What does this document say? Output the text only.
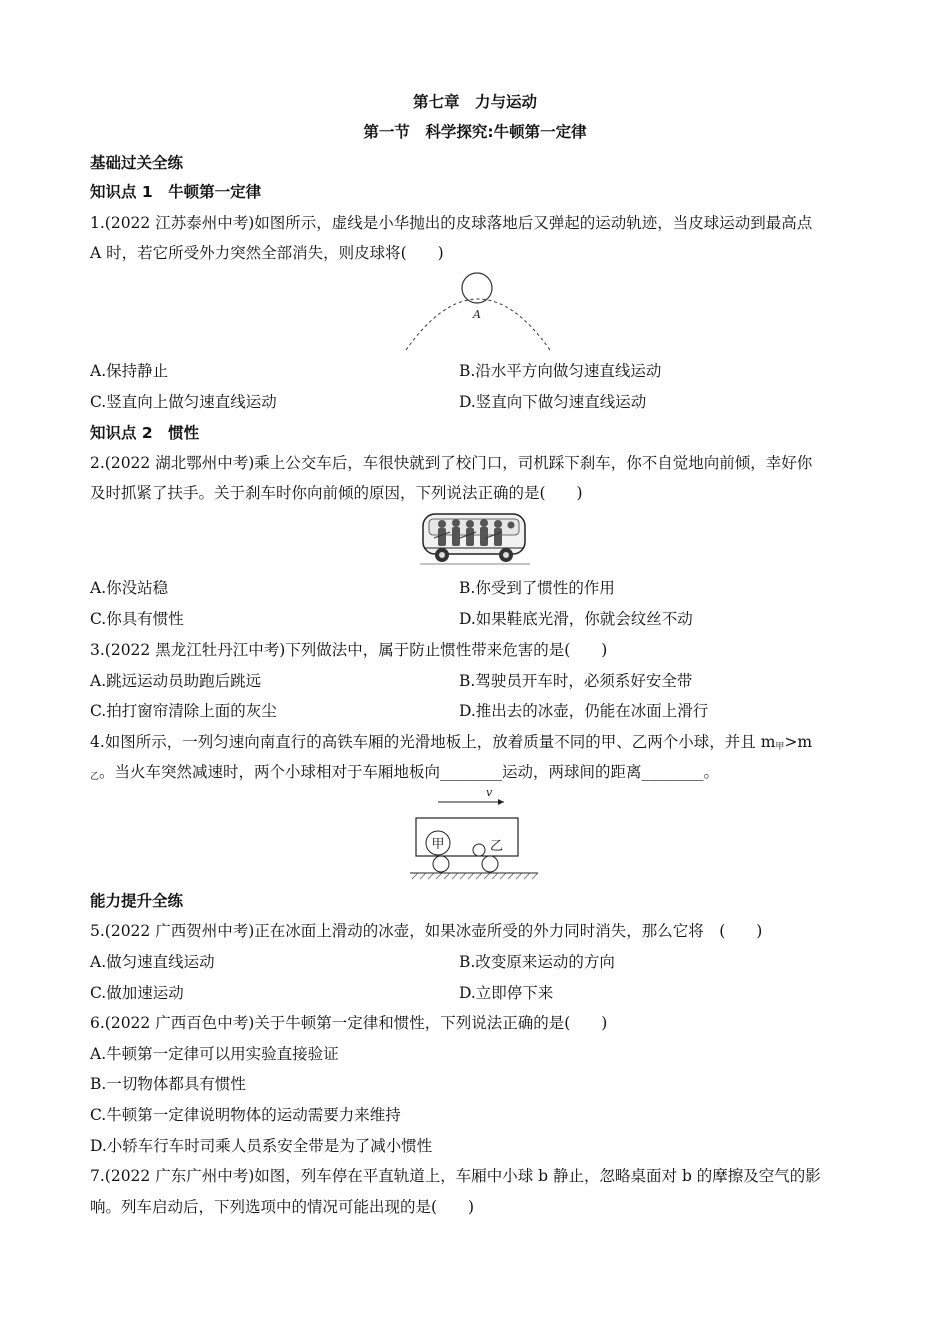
第七章　力与运动
第一节　科学探究:牛顿第一定律
基础过关全练
知识点 1　牛顿第一定律
1.(2022 江苏泰州中考)如图所示，虚线是小华抛出的皮球落地后又弹起的运动轨迹，当皮球运动到最高点
A 时，若它所受外力突然全部消失，则皮球将(　　)
A
A.保持静止	B.沿水平方向做匀速直线运动
C.竖直向上做匀速直线运动	D.竖直向下做匀速直线运动
知识点 2　惯性
2.(2022 湖北鄂州中考)乘上公交车后，车很快就到了校门口，司机踩下刹车，你不自觉地向前倾，幸好你
及时抓紧了扶手。关于刹车时你向前倾的原因，下列说法正确的是(　　)
A.你没站稳	B.你受到了惯性的作用
C.你具有惯性	D.如果鞋底光滑，你就会纹丝不动
3.(2022 黑龙江牡丹江中考)下列做法中，属于防止惯性带来危害的是(　　)
A.跳远运动员助跑后跳远	B.驾驶员开车时，必须系好安全带
C.拍打窗帘清除上面的灰尘	D.推出去的冰壶，仍能在冰面上滑行
4.如图所示，一列匀速向南直行的高铁车厢的光滑地板上，放着质量不同的甲、乙两个小球，并且 $m_甲>m$
$_乙$。当火车突然减速时，两个小球相对于车厢地板向________运动，两球间的距离________。
v
甲	乙
能力提升全练
5.(2022 广西贺州中考)正在冰面上滑动的冰壶，如果冰壶所受的外力同时消失，那么它将　(　　)
A.做匀速直线运动	B.改变原来运动的方向
C.做加速运动	D.立即停下来
6.(2022 广西百色中考)关于牛顿第一定律和惯性，下列说法正确的是(　　)
A.牛顿第一定律可以用实验直接验证
B.一切物体都具有惯性
C.牛顿第一定律说明物体的运动需要力来维持
D.小轿车行车时司乘人员系安全带是为了减小惯性
7.(2022 广东广州中考)如图，列车停在平直轨道上，车厢中小球 b 静止，忽略桌面对 b 的摩擦及空气的影
响。列车启动后，下列选项中的情况可能出现的是(　　)
